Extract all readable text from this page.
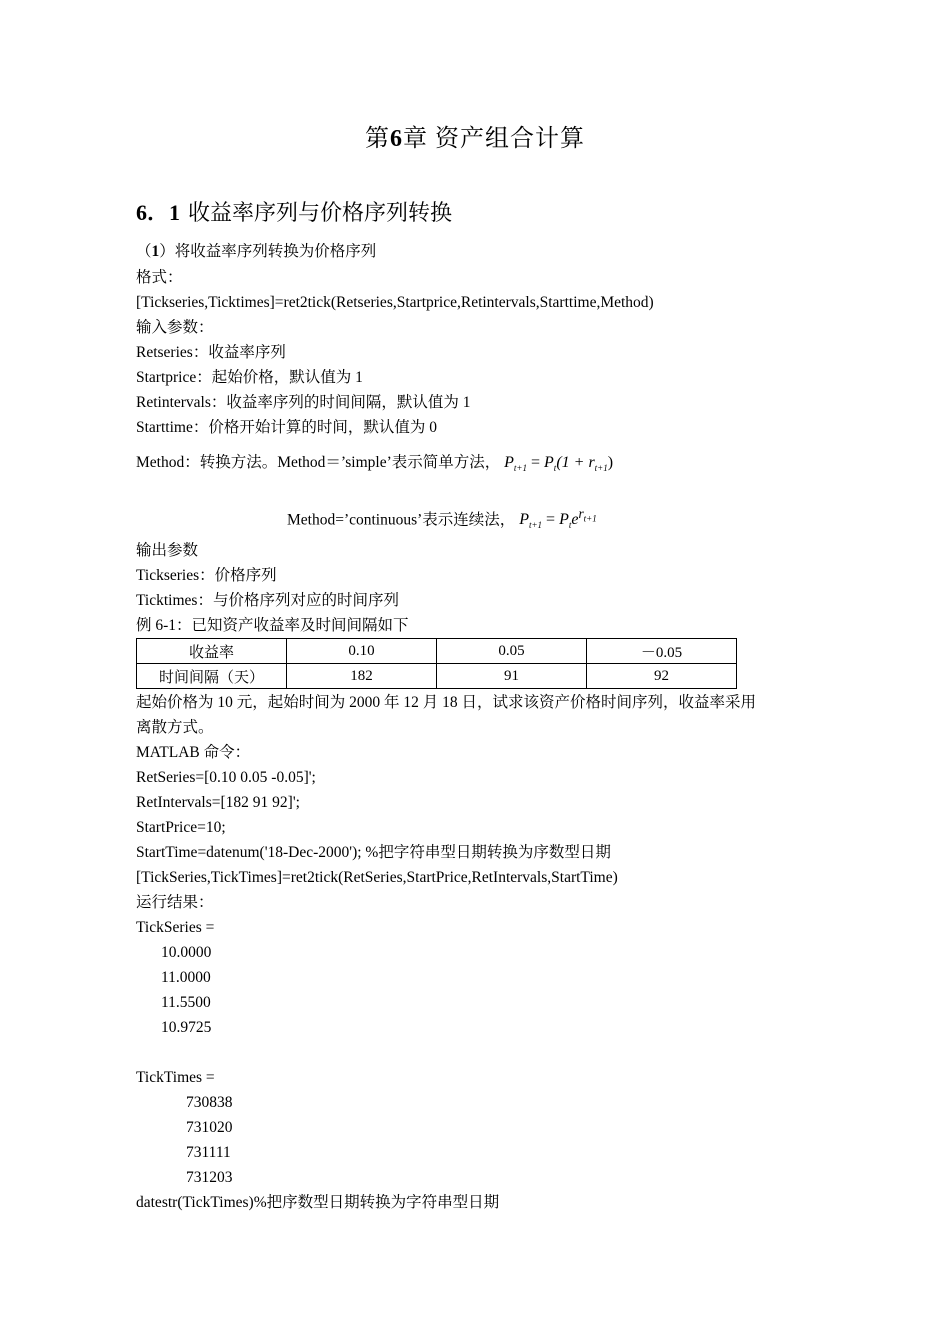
第6章 资产组合计算
6．1 收益率序列与价格序列转换
（1）将收益率序列转换为价格序列
格式：
[Tickseries,Ticktimes]=ret2tick(Retseries,Startprice,Retintervals,Starttime,Method)
输入参数：
Retseries：收益率序列
Startprice：起始价格，默认值为 1
Retintervals：收益率序列的时间间隔，默认值为 1
Starttime：价格开始计算的时间，默认值为 0
Method：转换方法。Method＝’simple’表示简单方法， $P_{t+1} = P_t(1 + r_{t+1})$
Method=’continuous’表示连续法， $P_{t+1} = P_te^{r_{t+1}}$
输出参数
Tickseries：价格序列
Ticktimes：与价格序列对应的时间序列
例 6-1：已知资产收益率及时间间隔如下
收益率	0.10	0.05	－0.05
时间间隔（天）	182	91	92
起始价格为 10 元，起始时间为 2000 年 12 月 18 日，试求该资产价格时间序列，收益率采用
离散方式。
MATLAB 命令：
RetSeries=[0.10 0.05 -0.05]';
RetIntervals=[182 91 92]';
StartPrice=10;
StartTime=datenum('18-Dec-2000'); %把字符串型日期转换为序数型日期
[TickSeries,TickTimes]=ret2tick(RetSeries,StartPrice,RetIntervals,StartTime)
运行结果：
TickSeries =
10.0000
11.0000
11.5500
10.9725
TickTimes =
730838
731020
731111
731203
datestr(TickTimes)%把序数型日期转换为字符串型日期
